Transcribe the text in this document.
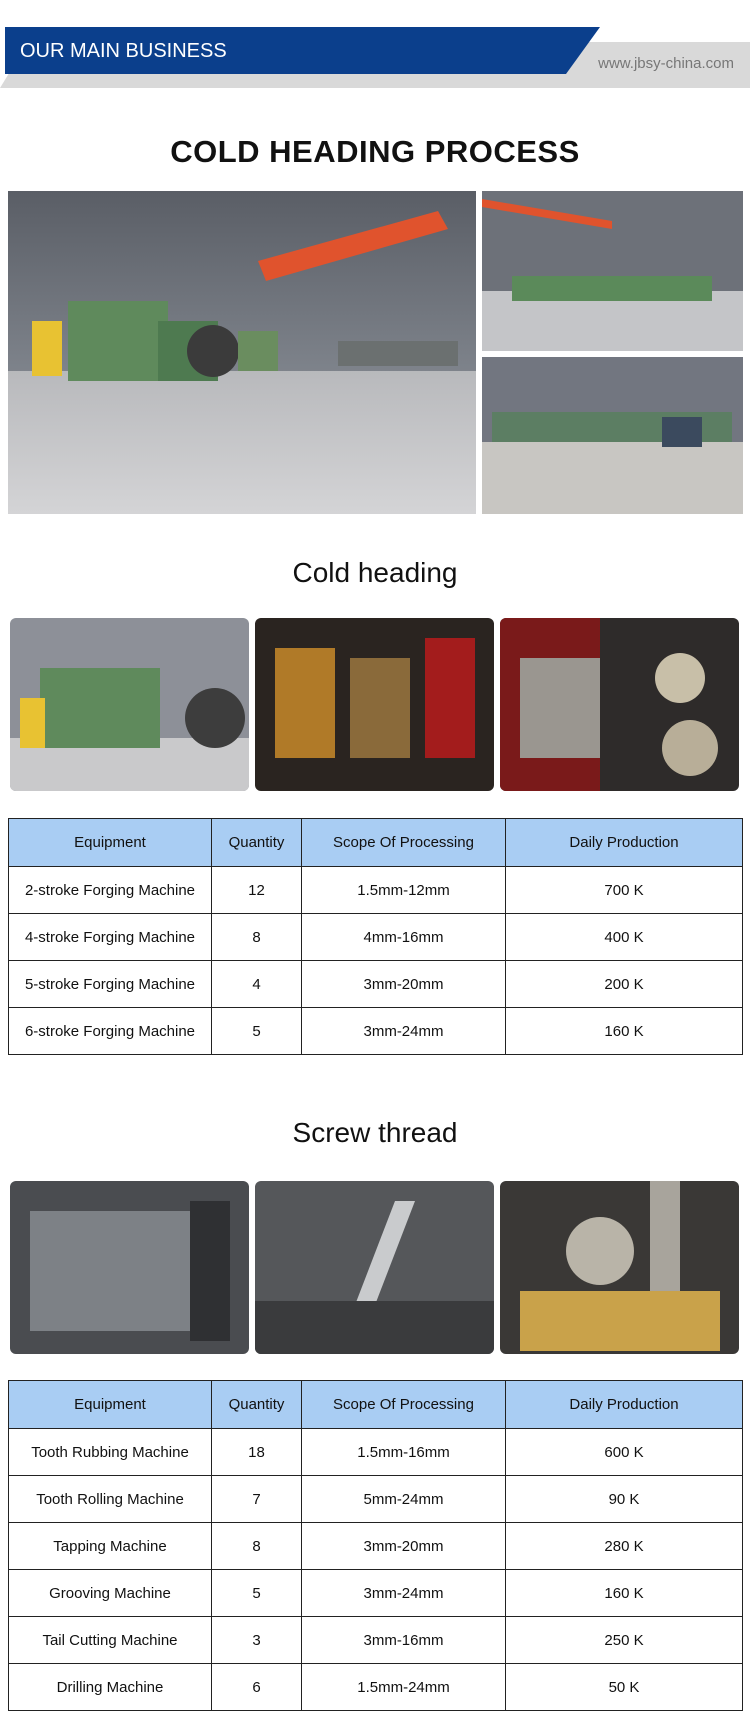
OUR MAIN BUSINESS
www.jbsy-china.com
COLD HEADING PROCESS
Cold heading
Equipment	Quantity	Scope Of Processing	Daily Production
2-stroke Forging Machine	12	1.5mm-12mm	700 K
4-stroke Forging Machine	8	4mm-16mm	400 K
5-stroke Forging Machine	4	3mm-20mm	200 K
6-stroke Forging Machine	5	3mm-24mm	160 K
Screw thread
Equipment	Quantity	Scope Of Processing	Daily Production
Tooth Rubbing Machine	18	1.5mm-16mm	600 K
Tooth Rolling Machine	7	5mm-24mm	90 K
Tapping Machine	8	3mm-20mm	280 K
Grooving Machine	5	3mm-24mm	160 K
Tail Cutting Machine	3	3mm-16mm	250 K
Drilling Machine	6	1.5mm-24mm	50 K
